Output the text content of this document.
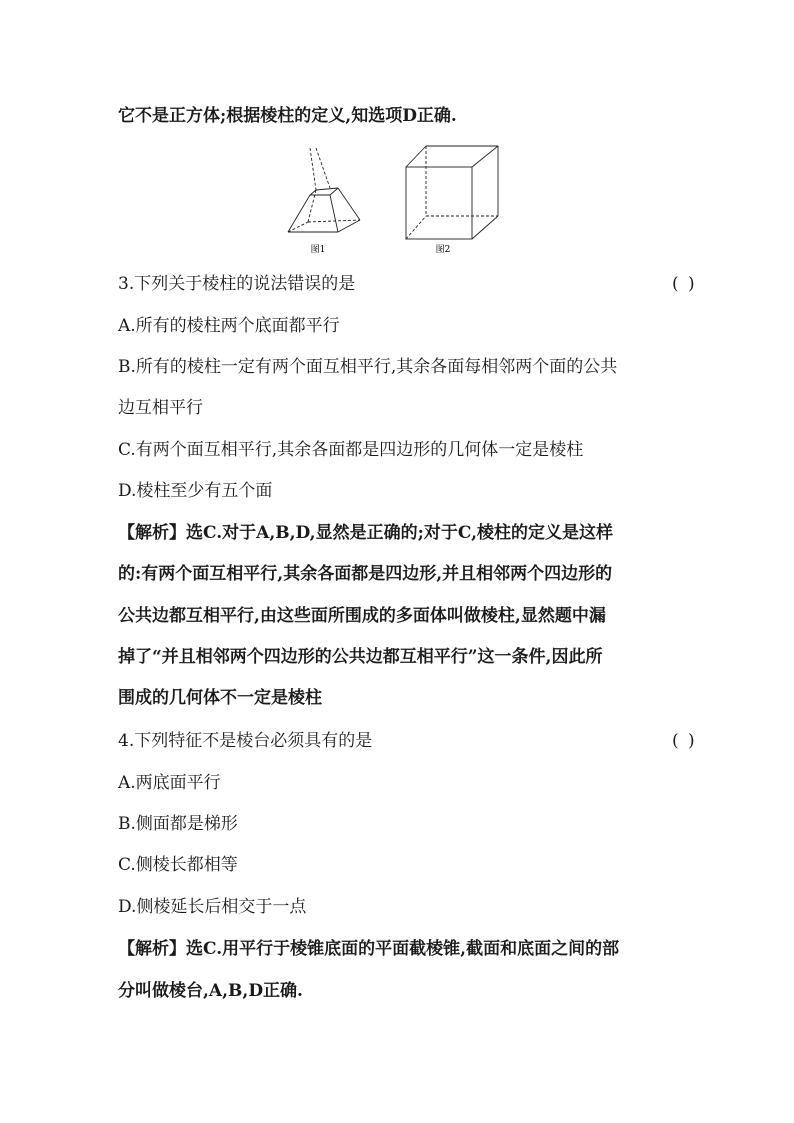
它不是正方体;根据棱柱的定义,知选项D正确.
图1	图2
3.下列关于棱柱的说法错误的是	( )
A.所有的棱柱两个底面都平行
B.所有的棱柱一定有两个面互相平行,其余各面每相邻两个面的公共
边互相平行
C.有两个面互相平行,其余各面都是四边形的几何体一定是棱柱
D.棱柱至少有五个面
【解析】选C.对于A,B,D,显然是正确的;对于C,棱柱的定义是这样
的:有两个面互相平行,其余各面都是四边形,并且相邻两个四边形的
公共边都互相平行,由这些面所围成的多面体叫做棱柱,显然题中漏
掉了“并且相邻两个四边形的公共边都互相平行”这一条件,因此所
围成的几何体不一定是棱柱
4.下列特征不是棱台必须具有的是	( )
A.两底面平行
B.侧面都是梯形
C.侧棱长都相等
D.侧棱延长后相交于一点
【解析】选C.用平行于棱锥底面的平面截棱锥,截面和底面之间的部
分叫做棱台,A,B,D正确.
